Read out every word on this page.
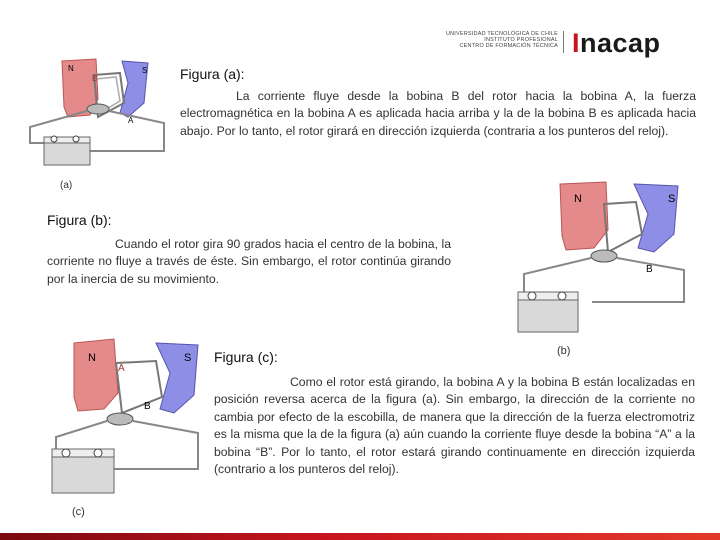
UNIVERSIDAD TECNOLÓGICA DE CHILE
INSTITUTO PROFESIONAL
CENTRO DE FORMACIÓN TÉCNICA Inacap
N
B
S
A
(a)
Figura (a):
La corriente fluye desde la bobina B del rotor hacia la bobina A, la fuerza electromagnética en la bobina A es aplicada hacia arriba y la de la bobina B es aplicada hacia abajo. Por lo tanto, el rotor girará en dirección izquierda (contraria a los punteros del reloj).
Figura (b):
Cuando el rotor gira 90 grados hacia el centro de la bobina, la corriente no fluye a través de éste. Sin embargo, el rotor continúa girando por la inercia de su movimiento.
N	S
B
(b)
N
A
S
B
(c)
Figura (c):
Como el rotor está girando, la bobina A y la bobina B están localizadas en posición reversa acerca de la figura (a). Sin embargo, la dirección de la corriente no cambia por efecto de la escobilla, de manera que la dirección de la fuerza electromotriz es la misma que la de la figura (a) aún cuando la corriente fluye desde la bobina “A” a la bobina “B”. Por lo tanto, el rotor estará girando continuamente en dirección izquierda (contrario a los punteros del reloj).
